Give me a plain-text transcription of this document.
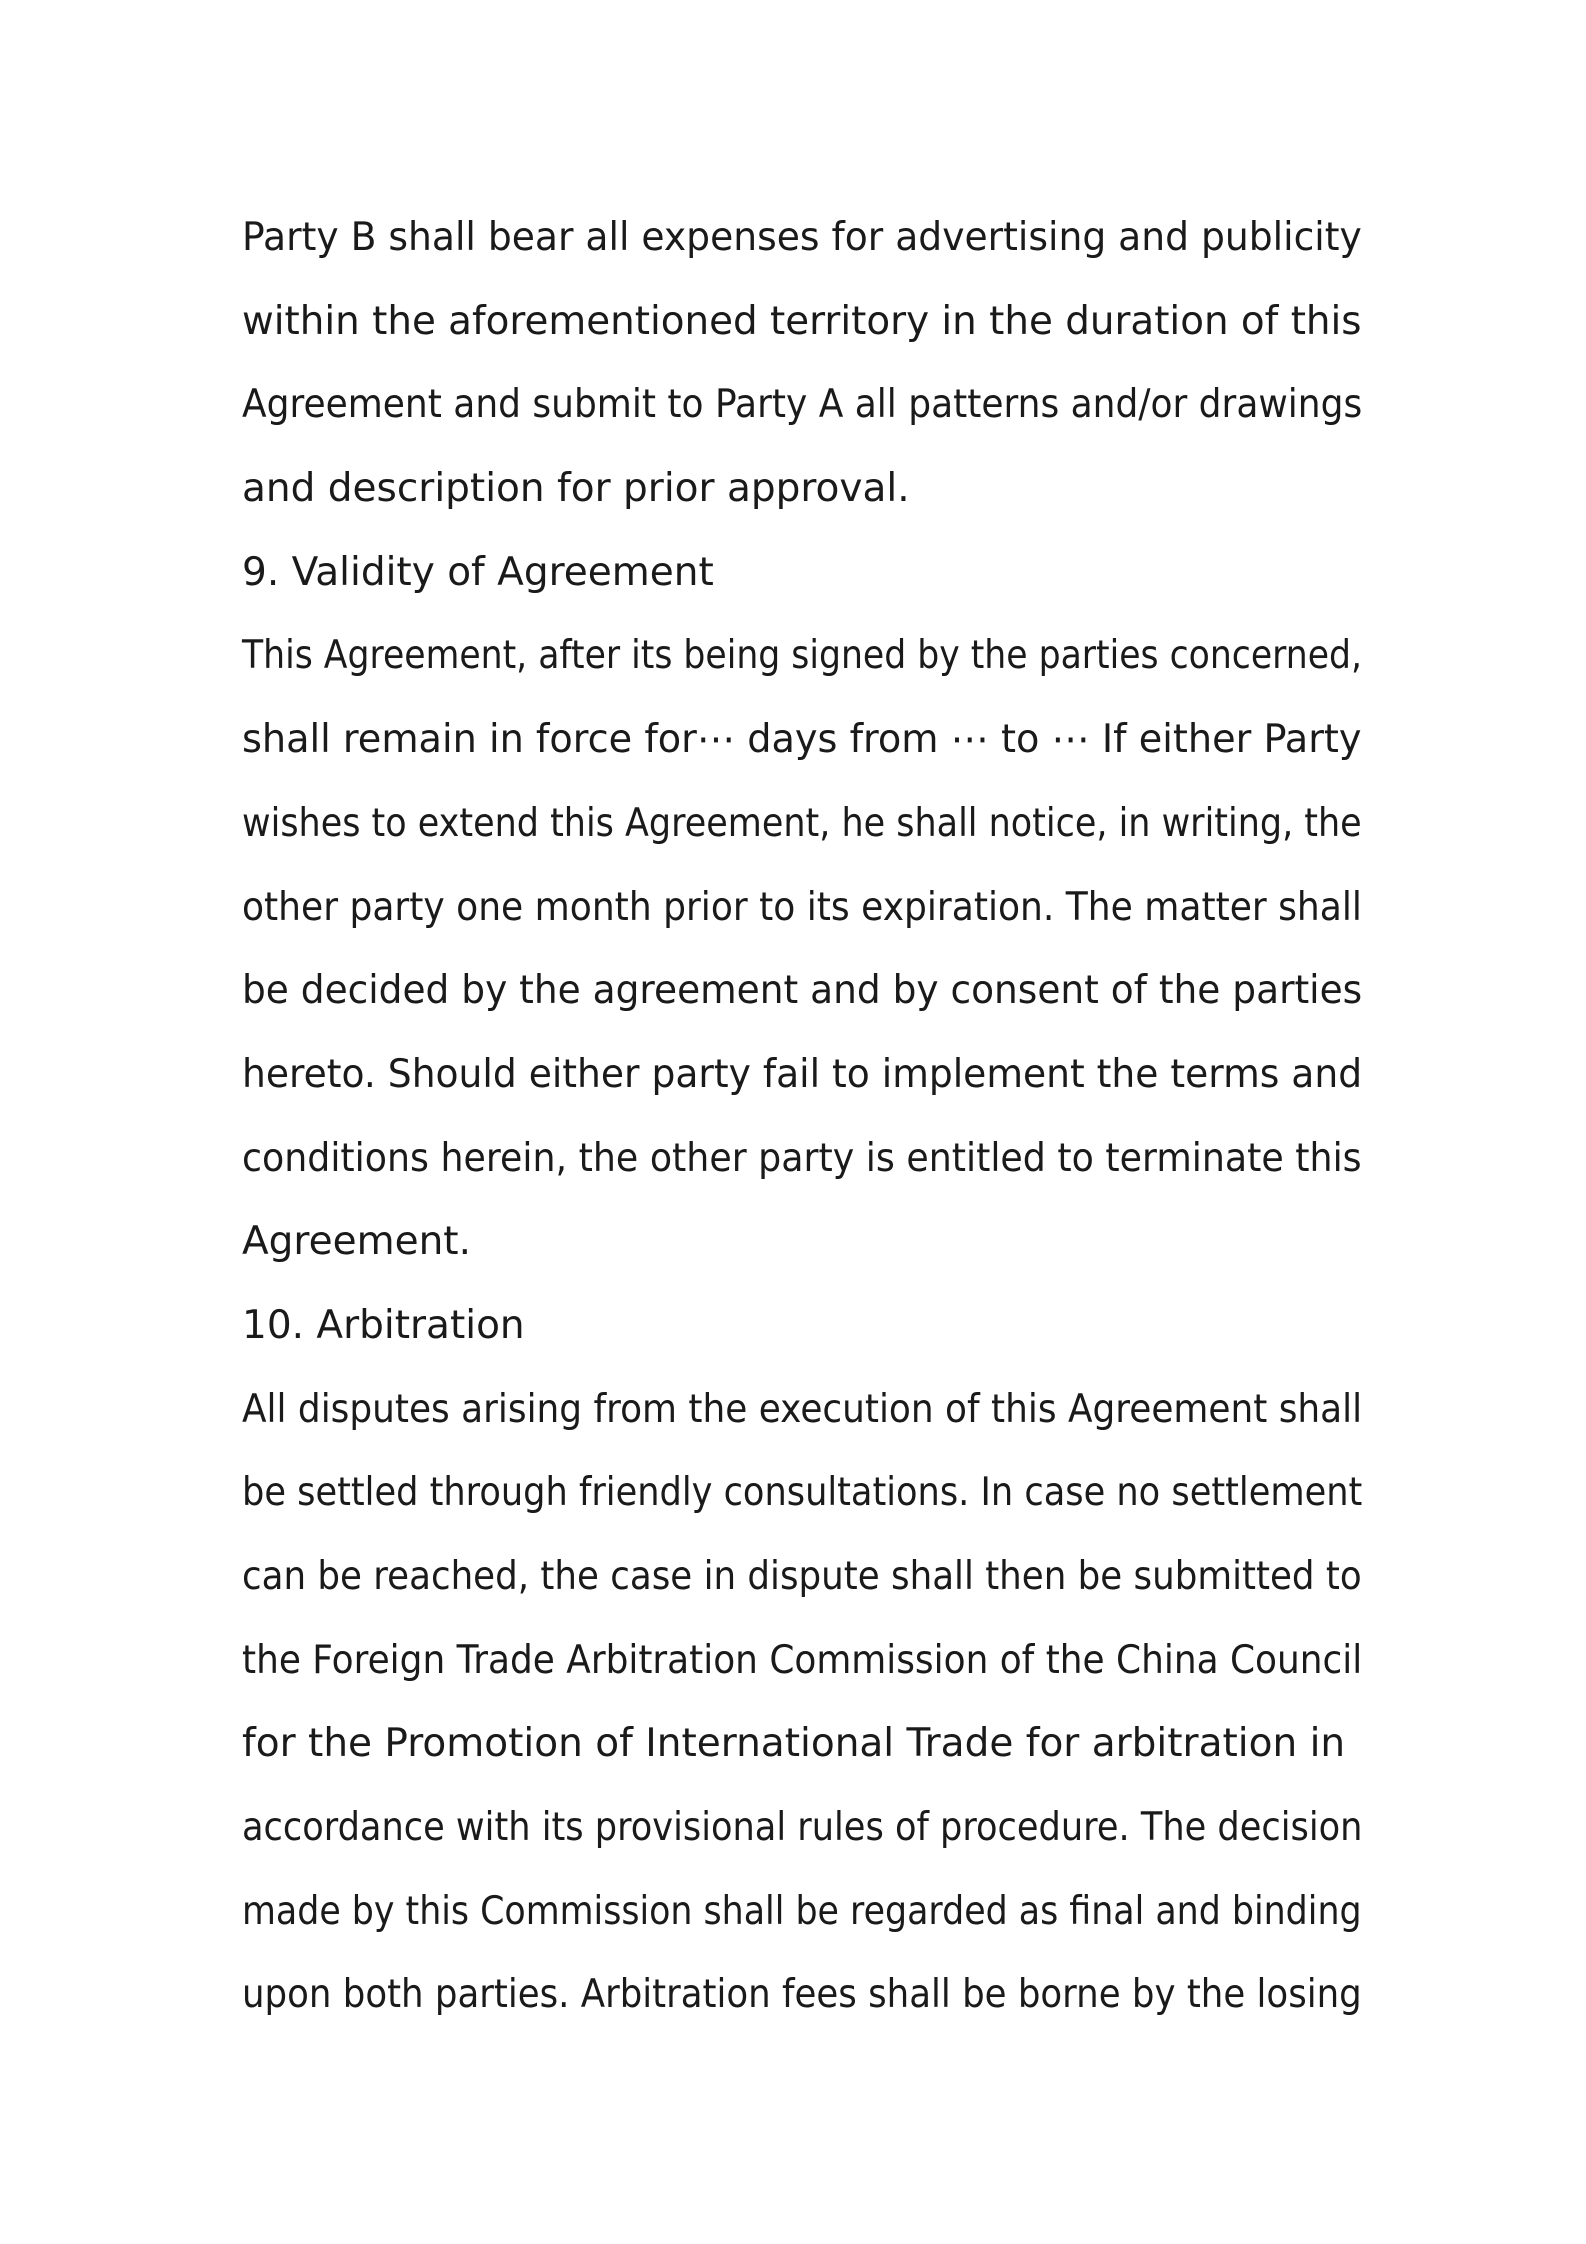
Party B shall bear all expenses for advertising and publicity
within the aforementioned territory in the duration of this
Agreement and submit to Party A all patterns and/or drawings
and description for prior approval.
9. Validity of Agreement
This Agreement, after its being signed by the parties concerned,
shall remain in force for⋯ days from ⋯ to ⋯ If either Party
wishes to extend this Agreement, he shall notice, in writing, the
other party one month prior to its expiration. The matter shall
be decided by the agreement and by consent of the parties
hereto. Should either party fail to implement the terms and
conditions herein, the other party is entitled to terminate this
Agreement.
10. Arbitration
All disputes arising from the execution of this Agreement shall
be settled through friendly consultations. In case no settlement
can be reached, the case in dispute shall then be submitted to
the Foreign Trade Arbitration Commission of the China Council
for the Promotion of International Trade for arbitration in
accordance with its provisional rules of procedure. The decision
made by this Commission shall be regarded as final and binding
upon both parties. Arbitration fees shall be borne by the losing
